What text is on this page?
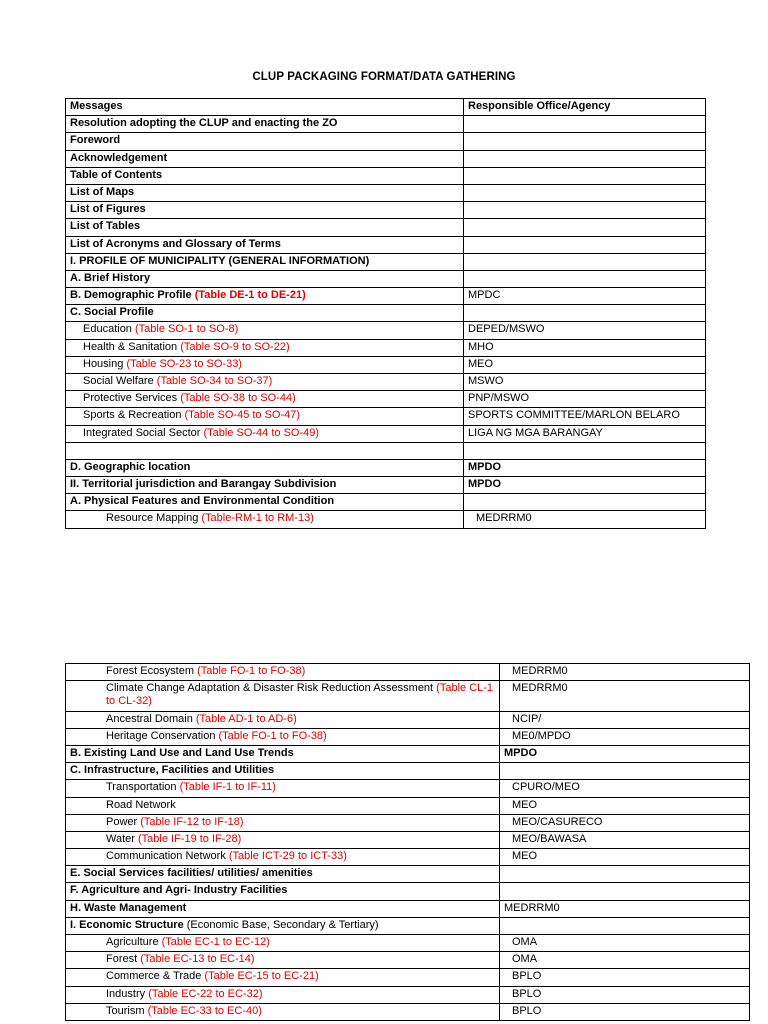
CLUP PACKAGING FORMAT/DATA GATHERING
Messages	Responsible Office/Agency
Resolution adopting the CLUP and enacting the ZO	
Foreword	
Acknowledgement	
Table of Contents	
List of Maps	
List of Figures	
List of Tables	
List of Acronyms and Glossary of Terms	
I. PROFILE OF MUNICIPALITY (GENERAL INFORMATION)	
A. Brief History	
B. Demographic Profile (Table DE-1 to DE-21)	MPDC
C. Social Profile	
Education (Table SO-1 to SO-8)	DEPED/MSWO
Health & Sanitation (Table SO-9 to SO-22)	MHO
Housing (Table SO-23 to SO-33)	MEO
Social Welfare (Table SO-34 to SO-37)	MSWO
Protective Services (Table SO-38 to SO-44)	PNP/MSWO
Sports & Recreation (Table SO-45 to SO-47)	SPORTS COMMITTEE/MARLON BELARO
Integrated Social Sector (Table SO-44 to SO-49)	LIGA NG MGA BARANGAY

D. Geographic location	MPDO
II. Territorial jurisdiction and Barangay Subdivision	MPDO
A. Physical Features and Environmental Condition	
Resource Mapping (Table-RM-1 to RM-13)	MEDRRM0
Forest Ecosystem (Table FO-1 to FO-38)	MEDRRM0
Climate Change Adaptation & Disaster Risk Reduction Assessment (Table CL-1 to CL-32)	MEDRRM0
Ancestral Domain (Table AD-1 to AD-6)	NCIP/
Heritage Conservation (Table FO-1 to FO-38)	ME0/MPDO
B. Existing Land Use and Land Use Trends	MPDO
C. Infrastructure, Facilities and Utilities	
Transportation (Table IF-1 to IF-11)	CPURO/MEO
Road Network	MEO
Power (Table IF-12 to IF-18)	MEO/CASURECO
Water (Table IF-19 to IF-28)	MEO/BAWASA
Communication Network (Table ICT-29 to ICT-33)	MEO
E. Social Services facilities/ utilities/ amenities	
F. Agriculture and Agri- Industry Facilities	
H. Waste Management	MEDRRM0
I. Economic Structure (Economic Base, Secondary & Tertiary)	
Agriculture (Table EC-1 to EC-12)	OMA
Forest (Table EC-13 to EC-14)	OMA
Commerce & Trade (Table EC-15 to EC-21)	BPLO
Industry (Table EC-22 to EC-32)	BPLO
Tourism (Table EC-33 to EC-40)	BPLO
